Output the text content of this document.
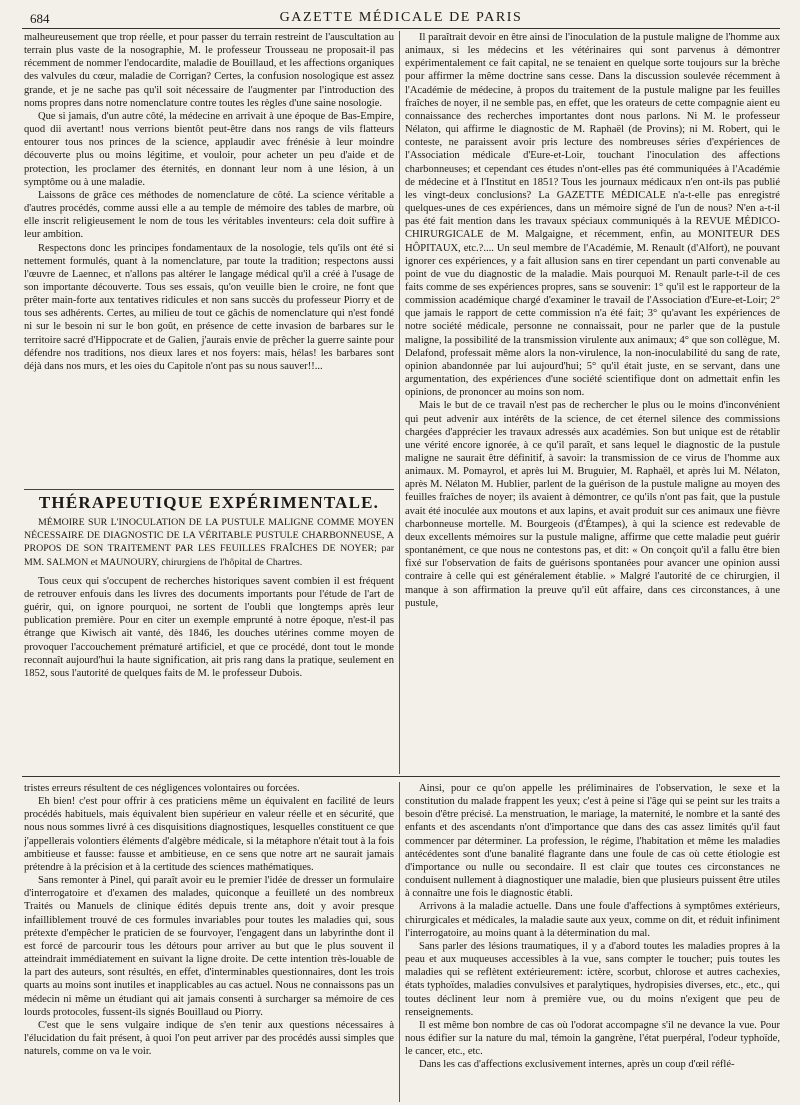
684	GAZETTE MÉDICALE DE PARIS

malheureusement que trop réelle, et pour passer du terrain restreint de l'auscultation au terrain plus vaste de la nosographie, M. le professeur Trousseau ne proposait-il pas récemment de nommer l'endocardite, maladie de Bouillaud, et les affections organiques des valvules du cœur, maladie de Corrigan? Certes, la confusion nosologique est assez grande, et je ne sache pas qu'il soit nécessaire de l'augmenter par l'introduction des noms propres dans notre nomenclature contre toutes les règles d'une saine nosologie.

Que si jamais, d'un autre côté, la médecine en arrivait à une époque de Bas-Empire, quod dii avertant! nous verrions bientôt peut-être dans nos rangs de vils flatteurs entourer tous nos princes de la science, applaudir avec frénésie à leur moindre découverte plus ou moins légitime, et vouloir, pour acheter un peu d'aide et de protection, les proclamer des éternités, en donnant leur nom à une lésion, à un symptôme ou à une maladie.

Laissons de grâce ces méthodes de nomenclature de côté. La science véritable a d'autres procédés, comme aussi elle a au temple de mémoire des tables de marbre, où elle inscrit religieusement le nom de tous les véritables inventeurs: cela doit suffire à leur ambition.

Respectons donc les principes fondamentaux de la nosologie, tels qu'ils ont été si nettement formulés, quant à la nomenclature, par toute la tradition; respectons aussi l'œuvre de Laennec, et n'allons pas altérer le langage médical qu'il a créé à l'usage de son importante découverte. Tous ses essais, qu'on veuille bien le croire, ne font que prêter main-forte aux tentatives ridicules et non sans succès du professeur Piorry et de tous ses adhérents. Certes, au milieu de tout ce gâchis de nomenclature qui n'est fondé ni sur le besoin ni sur le bon goût, en présence de cette invasion de barbares sur le territoire sacré d'Hippocrate et de Galien, j'aurais envie de prêcher la guerre sainte pour défendre nos traditions, nos dieux lares et nos foyers: mais, hélas! les barbares sont déjà dans nos murs, et les oies du Capitole n'ont pas su nous sauver!!...

THÉRAPEUTIQUE EXPÉRIMENTALE.

MÉMOIRE SUR L'INOCULATION DE LA PUSTULE MALIGNE COMME MOYEN NÉCESSAIRE DE DIAGNOSTIC DE LA VÉRITABLE PUSTULE CHARBONNEUSE, A PROPOS DE SON TRAITEMENT PAR LES FEUILLES FRAÎCHES DE NOYER; par MM. SALMON et MAUNOURY, chirurgiens de l'hôpital de Chartres.

Tous ceux qui s'occupent de recherches historiques savent combien il est fréquent de retrouver enfouis dans les livres des documents importants pour l'étude de l'art de guérir, qui, on ignore pourquoi, ne sortent de l'oubli que longtemps après leur publication première. Pour en citer un exemple emprunté à notre époque, n'est-il pas étrange que Kiwisch ait vanté, dès 1846, les douches utérines comme moyen de provoquer l'accouchement prématuré artificiel, et que ce procédé, dont tout le monde reconnaît aujourd'hui la haute signification, ait pris rang dans la pratique, seulement en 1852, sous l'autorité de quelques faits de M. le professeur Dubois.

Il paraîtrait devoir en être ainsi de l'inoculation de la pustule maligne de l'homme aux animaux, si les médecins et les vétérinaires qui sont parvenus à démontrer expérimentalement ce fait capital, ne se tenaient en quelque sorte toujours sur la brèche pour affirmer la même doctrine sans cesse. Dans la discussion soulevée récemment à l'Académie de médecine, à propos du traitement de la pustule maligne par les feuilles fraîches de noyer, il ne semble pas, en effet, que les orateurs de cette compagnie aient eu connaissance des recherches importantes dont nous parlons. Ni M. le professeur Nélaton, qui affirme le diagnostic de M. Raphaël (de Provins); ni M. Robert, qui le conteste, ne paraissent avoir pris lecture des nombreuses séries d'expériences de l'Association médicale d'Eure-et-Loir, touchant l'inoculation des affections charbonneuses; et cependant ces études n'ont-elles pas été communiquées à l'Académie de médecine et à l'Institut en 1851? Tous les journaux médicaux n'en ont-ils pas publié les vingt-deux conclusions? La GAZETTE MÉDICALE n'a-t-elle pas enregistré quelques-unes de ces expériences, dans un mémoire signé de l'un de nous? N'en a-t-il pas été fait mention dans les travaux spéciaux communiqués à la REVUE MÉDICO-CHIRURGICALE de M. Malgaigne, et récemment, enfin, au MONITEUR DES HÔPITAUX, etc.?.... Un seul membre de l'Académie, M. Renault (d'Alfort), ne pouvant ignorer ces expériences, y a fait allusion sans en tirer cependant un parti convenable au point de vue du diagnostic de la maladie. Mais pourquoi M. Renault parle-t-il de ces faits comme de ses expériences propres, sans se souvenir: 1° qu'il est le rapporteur de la commission académique chargé d'examiner le travail de l'Association d'Eure-et-Loir; 2° que jamais le rapport de cette commission n'a été fait; 3° qu'avant les expériences de notre société médicale, personne ne connaissait, pour ne parler que de la pustule maligne, la possibilité de la transmission virulente aux animaux; 4° que son collègue, M. Delafond, professait même alors la non-virulence, la non-inoculabilité du sang de rate, opinion abandonnée par lui aujourd'hui; 5° qu'il était juste, en se servant, dans une argumentation, des expériences d'une société scientifique dont on admettait enfin les opinions, de prononcer au moins son nom.

Mais le but de ce travail n'est pas de rechercher le plus ou le moins d'inconvénient qui peut advenir aux intérêts de la science, de cet éternel silence des commissions chargées d'apprécier les travaux adressés aux académies. Son but unique est de rétablir une vérité encore ignorée, à ce qu'il paraît, et sans lequel le diagnostic de la pustule maligne ne saurait être définitif, à savoir: la transmission de ce virus de l'homme aux animaux. M. Pomayrol, et après lui M. Bruguier, M. Raphaël, et après lui M. Nélaton, après M. Nélaton M. Hublier, parlent de la guérison de la pustule maligne au moyen des feuilles fraîches de noyer; ils avaient à démontrer, ce qu'ils n'ont pas fait, que la pustule avait été inoculée aux moutons et aux lapins, et avait produit sur ces animaux une fièvre charbonneuse mortelle. M. Bourgeois (d'Étampes), à qui la science est redevable de deux excellents mémoires sur la pustule maligne, affirme que cette maladie peut guérir spontanément, ce que nous ne contestons pas, et dit: « On conçoit qu'il a fallu être bien fixé sur l'observation de faits de guérisons spontanées pour avancer une opinion aussi contraire à celle qui est généralement établie. » Malgré l'autorité de ce chirurgien, il manque à son affirmation la preuve qu'il eût affaire, dans ces circonstances, à une pustule,

tristes erreurs résultent de ces négligences volontaires ou forcées.

Eh bien! c'est pour offrir à ces praticiens même un équivalent en facilité de leurs procédés habituels, mais équivalent bien supérieur en valeur réelle et en sécurité, que nous nous sommes livré à ces disquisitions diagnostiques, lesquelles constituent ce que j'appellerais volontiers éléments d'algèbre médicale, si la métaphore n'était tout à la fois ambitieuse et fausse: fausse et ambitieuse, en ce sens que notre art ne saurait jamais prétendre à la précision et à la certitude des sciences mathématiques.

Sans remonter à Pinel, qui paraît avoir eu le premier l'idée de dresser un formulaire d'interrogatoire et d'examen des malades, quiconque a feuilleté un des nombreux Traités ou Manuels de clinique édités depuis trente ans, doit y avoir presque infailliblement trouvé de ces formules invariables pour toutes les maladies qui, sous prétexte d'empêcher le praticien de se fourvoyer, l'engagent dans un labyrinthe dont il est forcé de parcourir tous les détours pour arriver au but que le plus souvent il atteindrait immédiatement en suivant la ligne droite. De cette intention très-louable de la part des auteurs, sont résultés, en effet, d'interminables questionnaires, dont les trois quarts au moins sont inutiles et inapplicables au cas actuel. Nous ne connaissons pas un médecin ni même un étudiant qui ait jamais consenti à surcharger sa mémoire de ces lourds protocoles, fussent-ils signés Bouillaud ou Piorry.

C'est que le sens vulgaire indique de s'en tenir aux questions nécessaires à l'élucidation du fait présent, à quoi l'on peut arriver par des procédés aussi simples que naturels, comme on va le voir.

Ainsi, pour ce qu'on appelle les préliminaires de l'observation, le sexe et la constitution du malade frappent les yeux; c'est à peine si l'âge qui se peint sur les traits a besoin d'être précisé. La menstruation, le mariage, la maternité, le nombre et la santé des enfants et des ascendants n'ont d'importance que dans des cas assez limités qu'il faut commencer par déterminer. La profession, le régime, l'habitation et même les maladies antécédentes sont d'une banalité flagrante dans une foule de cas où cette étiologie est d'importance ou nulle ou secondaire. Il est clair que toutes ces circonstances ne conduisent nullement à diagnostiquer une maladie, bien que plusieurs puissent être utiles à connaître une fois le diagnostic établi.

Arrivons à la maladie actuelle. Dans une foule d'affections à symptômes extérieurs, chirurgicales et médicales, la maladie saute aux yeux, comme on dit, et réduit infiniment l'interrogatoire, au moins quant à la détermination du mal.

Sans parler des lésions traumatiques, il y a d'abord toutes les maladies propres à la peau et aux muqueuses accessibles à la vue, sans compter le toucher; puis toutes les maladies qui se reflètent extérieurement: ictère, scorbut, chlorose et autres cachexies, états typhoïdes, maladies convulsives et paralytiques, hydropisies diverses, etc., etc., qui toutes déclinent leur nom à première vue, ou du moins n'exigent que peu de renseignements.

Il est même bon nombre de cas où l'odorat accompagne s'il ne devance la vue. Pour nous édifier sur la nature du mal, témoin la gangrène, l'état puerpéral, l'odeur typhoïde, le cancer, etc., etc.

Dans les cas d'affections exclusivement internes, après un coup d'œil réflé-
